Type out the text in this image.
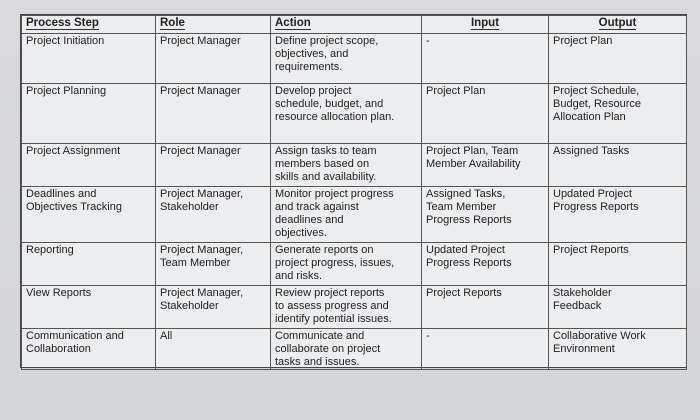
Process Step	Role	Action	Input	Output

Project Initiation	Project Manager	Define project scope,
objectives, and
requirements.	-	Project Plan

Project Planning	Project Manager	Develop project
schedule, budget, and
resource allocation plan.	Project Plan	Project Schedule,
Budget, Resource
Allocation Plan

Project Assignment	Project Manager	Assign tasks to team
members based on
skills and availability.	Project Plan, Team
Member Availability	Assigned Tasks

Deadlines and
Objectives Tracking	Project Manager,
Stakeholder	Monitor project progress
and track against
deadlines and
objectives.	Assigned Tasks,
Team Member
Progress Reports	Updated Project
Progress Reports

Reporting	Project Manager,
Team Member	Generate reports on
project progress, issues,
and risks.	Updated Project
Progress Reports	Project Reports

View Reports	Project Manager,
Stakeholder	Review project reports
to assess progress and
identify potential issues.	Project Reports	Stakeholder
Feedback

Communication and
Collaboration	All	Communicate and
collaborate on project
tasks and issues.	-	Collaborative Work
Environment
